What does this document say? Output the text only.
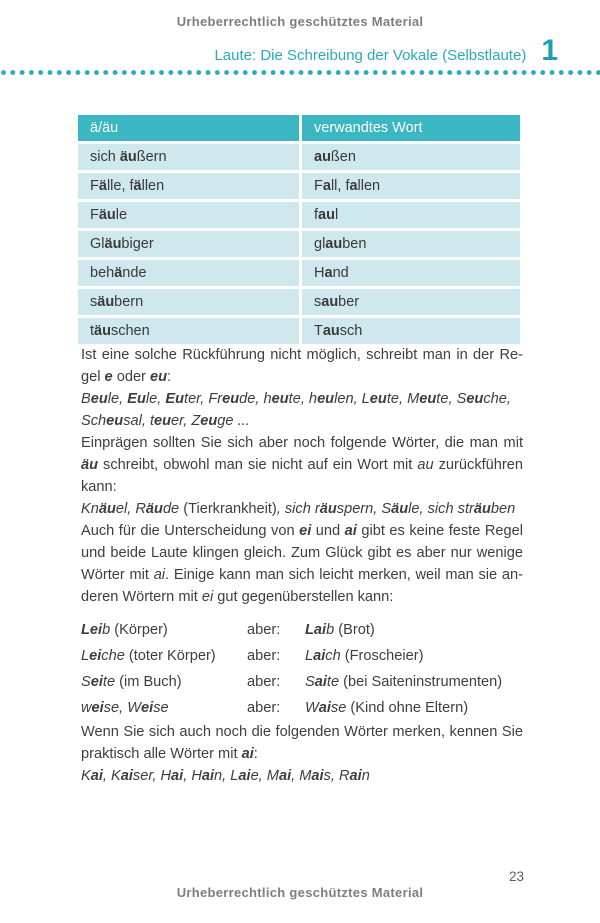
Urheberrechtlich geschütztes Material
Laute: Die Schreibung der Vokale (Selbstlaute) 1
ä/äu	verwandtes Wort
sich äußern	außen
Fälle, fällen	Fall, fallen
Fäule	faul
Gläubiger	glauben
behände	Hand
säubern	sauber
täuschen	Tausch

Ist eine solche Rückführung nicht möglich, schreibt man in der Regel e oder eu:

Beule, Eule, Euter, Freude, heute, heulen, Leute, Meute, Seuche, Scheusal, teuer, Zeuge ...

Einprägen sollten Sie sich aber noch folgende Wörter, die man mit äu schreibt, obwohl man sie nicht auf ein Wort mit au zurückführen kann:

Knäuel, Räude (Tierkrankheit), sich räuspern, Säule, sich sträuben

Auch für die Unterscheidung von ei und ai gibt es keine feste Regel und beide Laute klingen gleich. Zum Glück gibt es aber nur wenige Wörter mit ai. Einige kann man sich leicht merken, weil man sie anderen Wörtern mit ei gut gegenüberstellen kann:

Leib (Körper)	aber:	Laib (Brot)
Leiche (toter Körper)	aber:	Laich (Froscheier)
Seite (im Buch)	aber:	Saite (bei Saiteninstrumenten)
weise, Weise	aber:	Waise (Kind ohne Eltern)

Wenn Sie sich auch noch die folgenden Wörter merken, kennen Sie praktisch alle Wörter mit ai:

Kai, Kaiser, Hai, Hain, Laie, Mai, Mais, Rain

23
Urheberrechtlich geschütztes Material
